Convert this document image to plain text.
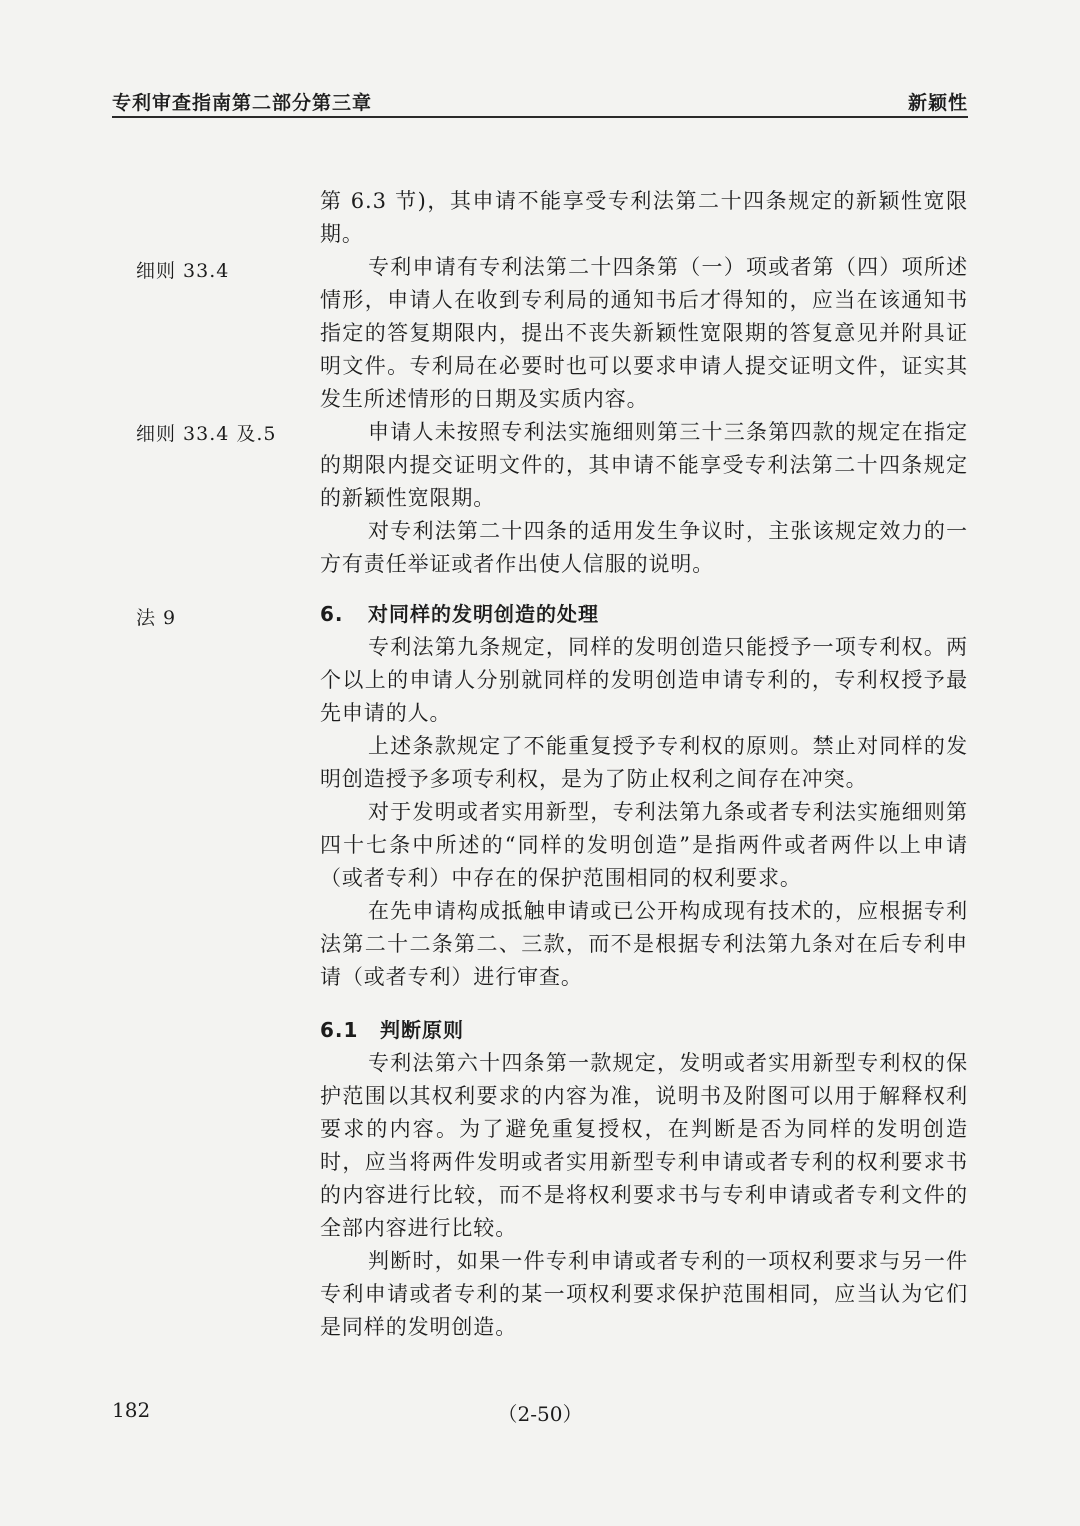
专利审查指南第二部分第三章	新颖性
细则 33.4
细则 33.4 及.5
法 9

第 6.3 节)，其申请不能享受专利法第二十四条规定的新颖性宽限期。

专利申请有专利法第二十四条第（一）项或者第（四）项所述情形，申请人在收到专利局的通知书后才得知的，应当在该通知书指定的答复期限内，提出不丧失新颖性宽限期的答复意见并附具证明文件。专利局在必要时也可以要求申请人提交证明文件，证实其发生所述情形的日期及实质内容。

申请人未按照专利法实施细则第三十三条第四款的规定在指定的期限内提交证明文件的，其申请不能享受专利法第二十四条规定的新颖性宽限期。

对专利法第二十四条的适用发生争议时，主张该规定效力的一方有责任举证或者作出使人信服的说明。

6. 对同样的发明创造的处理

专利法第九条规定，同样的发明创造只能授予一项专利权。两个以上的申请人分别就同样的发明创造申请专利的，专利权授予最先申请的人。

上述条款规定了不能重复授予专利权的原则。禁止对同样的发明创造授予多项专利权，是为了防止权利之间存在冲突。

对于发明或者实用新型，专利法第九条或者专利法实施细则第四十七条中所述的“同样的发明创造”是指两件或者两件以上申请（或者专利）中存在的保护范围相同的权利要求。

在先申请构成抵触申请或已公开构成现有技术的，应根据专利法第二十二条第二、三款，而不是根据专利法第九条对在后专利申请（或者专利）进行审查。

6.1 判断原则

专利法第六十四条第一款规定，发明或者实用新型专利权的保护范围以其权利要求的内容为准，说明书及附图可以用于解释权利要求的内容。为了避免重复授权，在判断是否为同样的发明创造时，应当将两件发明或者实用新型专利申请或者专利的权利要求书的内容进行比较，而不是将权利要求书与专利申请或者专利文件的全部内容进行比较。

判断时，如果一件专利申请或者专利的一项权利要求与另一件专利申请或者专利的某一项权利要求保护范围相同，应当认为它们是同样的发明创造。

182	（2-50）
